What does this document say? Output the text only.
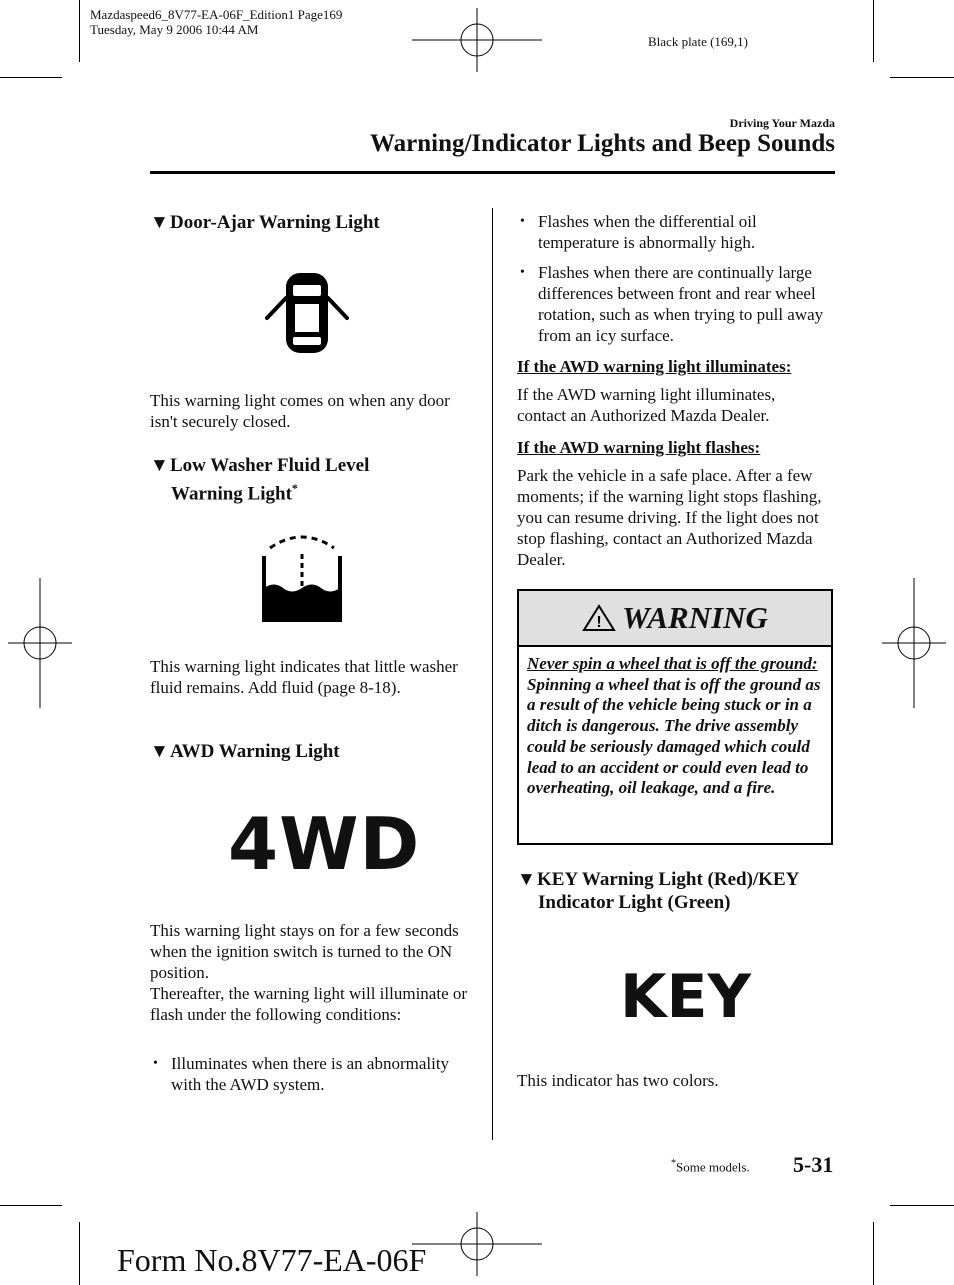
Mazdaspeed6_8V77-EA-06F_Edition1 Page169
Tuesday, May 9 2006 10:44 AM
Black plate (169,1)
Driving Your Mazda
Warning/Indicator Lights and Beep Sounds
▼Door-Ajar Warning Light
This warning light comes on when any door isn't securely closed.
▼Low Washer Fluid Level
Warning Light*
This warning light indicates that little washer fluid remains. Add fluid (page 8-18).
▼AWD Warning Light
4WD
This warning light stays on for a few seconds when the ignition switch is turned to the ON position.
Thereafter, the warning light will illuminate or flash under the following conditions:
• Illuminates when there is an abnormality with the AWD system.
• Flashes when the differential oil temperature is abnormally high.
• Flashes when there are continually large differences between front and rear wheel rotation, such as when trying to pull away from an icy surface.
If the AWD warning light illuminates:
If the AWD warning light illuminates, contact an Authorized Mazda Dealer.
If the AWD warning light flashes:
Park the vehicle in a safe place. After a few moments; if the warning light stops flashing, you can resume driving. If the light does not stop flashing, contact an Authorized Mazda Dealer.
! WARNING
Never spin a wheel that is off the ground:
Spinning a wheel that is off the ground as a result of the vehicle being stuck or in a ditch is dangerous. The drive assembly could be seriously damaged which could lead to an accident or could even lead to overheating, oil leakage, and a fire.
▼KEY Warning Light (Red)/KEY
Indicator Light (Green)
KEY
This indicator has two colors.
*Some models. 5-31
Form No.8V77-EA-06F
